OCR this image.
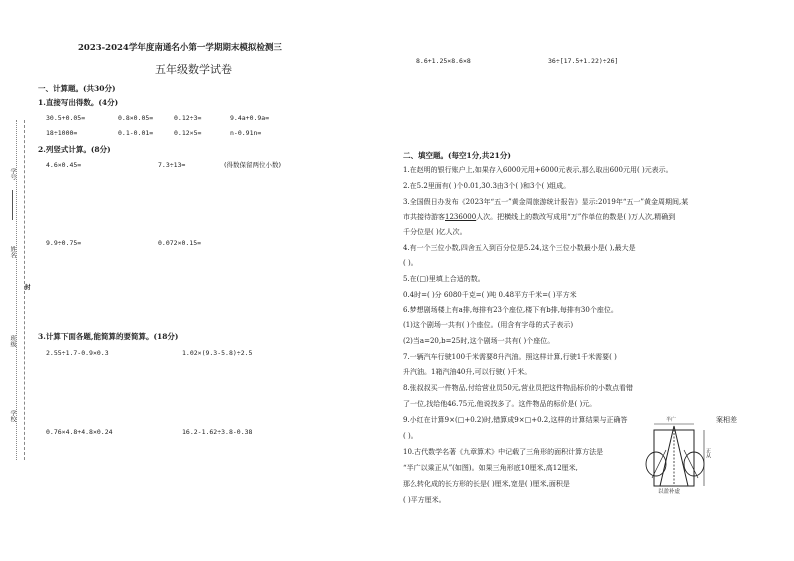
学号
姓名
班级
学校
封
2023-2024学年度南通名小第一学期期末模拟检测三
五年级数学试卷
一、计算题。(共30分)
1.直接写出得数。(4分)
30.5+0.05=	0.8×0.05=	0.12÷3=	9.4a+0.9a=
18÷1000=	0.1-0.01=	0.12×5=	n-0.91n=
2.列竖式计算。(8分)
4.6×0.45=	7.3÷13≈	(得数保留两位小数)
9.9÷0.75=	0.072×0.15=
3.计算下面各题,能简算的要简算。(18分)
2.55÷1.7-0.9×0.3	1.02×(9.3-5.8)÷2.5
0.76×4.8+4.8×0.24	16.2-1.62÷3.8-0.38
8.6+1.25×8.6×8	36÷[17.5+1.22)÷26]
二、填空题。(每空1分,共21分)
1.在赵明的银行账户上,如果存入6000元用+6000元表示,那么取出600元用( )元表示。
2.在5.2里面有( )个0.01,30.3由3个( )和3个( )组成。
3.全国假日办发布《2023年“五一”黄金周旅游统计报告》显示:2019年“五一”黄金周期间,某
市共接待游客1236000人次。把横线上的数改写成用“万”作单位的数是( )万人次,精确到
千分位是( )亿人次。
4.有一个三位小数,四舍五入到百分位是5.24,这个三位小数最小是( ),最大是
( )。
5.在(□)里填上合适的数。
0.4时=( )分 6080千克=( )吨 0.48平方千米=( )平方米
6.梦想剧场楼上有a排,每排有23个座位,楼下有b排,每排有30个座位。
(1)这个剧场一共有( )个座位。(用含有字母的式子表示)
(2)当a=20,b=25时,这个剧场一共有( )个座位。
7.一辆汽车行驶100千米需要8升汽油。照这样计算,行驶1千米需要( )
升汽油。1箱汽油40升,可以行驶( )千米。
8.张叔叔买一件物品,付给营业员50元,营业员把这件物品标价的小数点看错
了一位,找给他46.75元,他说找多了。这件物品的标价是( )元。
9.小红在计算9×(□+0.2)时,错算成9×□+0.2,这样的计算结果与正确答	案相差
( )。
10.古代数学名著《九章算术》中记载了三角形的面积计算方法是
“半广以乘正从”(如图)。如果三角形底10厘米,高12厘米,
那么转化成的长方形的长是( )厘米,宽是( )厘米,面积是
( )平方厘米。
半广
正从
以盈补虚
